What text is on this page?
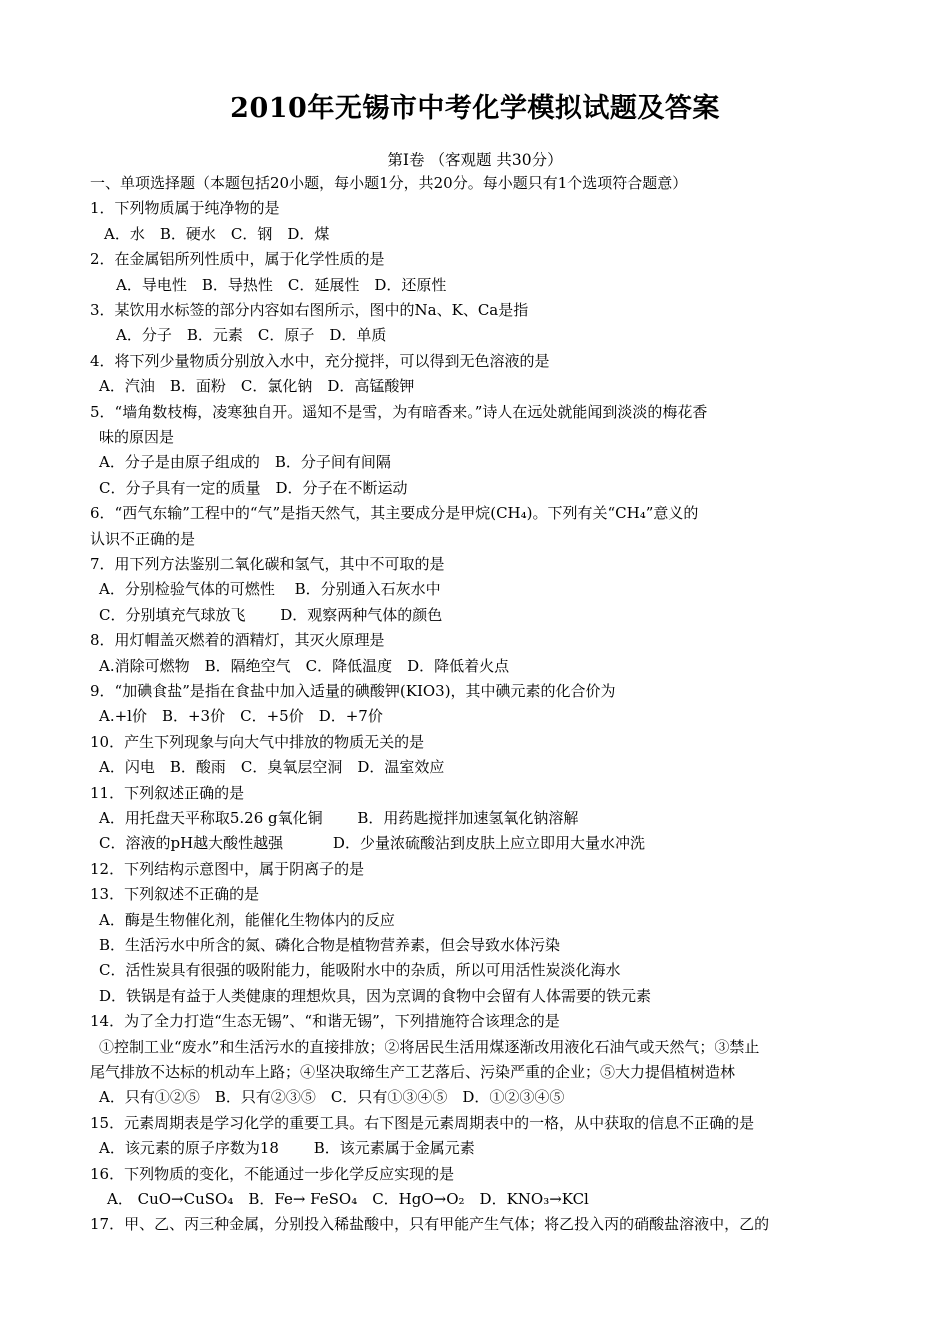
2010年无锡市中考化学模拟试题及答案
第I卷 （客观题 共30分）
一、单项选择题（本题包括20小题，每小题1分，共20分。每小题只有1个选项符合题意）
1．下列物质属于纯净物的是
A．水　B．硬水　C．钢　D．煤
2．在金属铝所列性质中，属于化学性质的是
A．导电性　B．导热性　C．延展性　D．还原性
3．某饮用水标签的部分内容如右图所示，图中的Na、K、Ca是指
A．分子　B．元素　C．原子　D．单质
4．将下列少量物质分别放入水中，充分搅拌，可以得到无色溶液的是
A．汽油　B．面粉　C．氯化钠　D．高锰酸钾
5．“墙角数枝梅，凌寒独自开。遥知不是雪，为有暗香来。”诗人在远处就能闻到淡淡的梅花香
味的原因是
A．分子是由原子组成的　B．分子间有间隔
C．分子具有一定的质量　D．分子在不断运动
6．“西气东输”工程中的“气”是指天然气，其主要成分是甲烷(CH₄)。下列有关“CH₄”意义的
认识不正确的是
7．用下列方法鉴别二氧化碳和氢气，其中不可取的是
A．分别检验气体的可燃性　 B．分别通入石灰水中
C．分别填充气球放飞　　 D．观察两种气体的颜色
8．用灯帽盖灭燃着的酒精灯，其灭火原理是
A.消除可燃物　B．隔绝空气　C．降低温度　D．降低着火点
9．“加碘食盐”是指在食盐中加入适量的碘酸钾(KIO3)，其中碘元素的化合价为
A.+l价　B．+3价　C．+5价　D．+7价
10．产生下列现象与向大气中排放的物质无关的是
A．闪电　B．酸雨　C．臭氧层空洞　D．温室效应
11．下列叙述正确的是
A．用托盘天平称取5.26 g氧化铜　　 B．用药匙搅拌加速氢氧化钠溶解
C．溶液的pH越大酸性越强　　　 D．少量浓硫酸沾到皮肤上应立即用大量水冲洗
12．下列结构示意图中，属于阴离子的是
13．下列叙述不正确的是
A．酶是生物催化剂，能催化生物体内的反应
B．生活污水中所含的氮、磷化合物是植物营养素，但会导致水体污染
C．活性炭具有很强的吸附能力，能吸附水中的杂质，所以可用活性炭淡化海水
D．铁锅是有益于人类健康的理想炊具，因为烹调的食物中会留有人体需要的铁元素
14．为了全力打造“生态无锡”、“和谐无锡”，下列措施符合该理念的是
①控制工业“废水”和生活污水的直接排放；②将居民生活用煤逐渐改用液化石油气或天然气；③禁止
尾气排放不达标的机动车上路；④坚决取缔生产工艺落后、污染严重的企业；⑤大力提倡植树造林
A．只有①②⑤　B．只有②③⑤　C．只有①③④⑤　D．①②③④⑤
15．元素周期表是学习化学的重要工具。右下图是元素周期表中的一格，从中获取的信息不正确的是
A．该元素的原子序数为18　　 B．该元素属于金属元素
16．下列物质的变化，不能通过一步化学反应实现的是
A． CuO→CuSO₄　B．Fe→ FeSO₄　C．HgO→O₂　D．KNO₃→KCl
17．甲、乙、丙三种金属，分别投入稀盐酸中，只有甲能产生气体；将乙投入丙的硝酸盐溶液中，乙的
